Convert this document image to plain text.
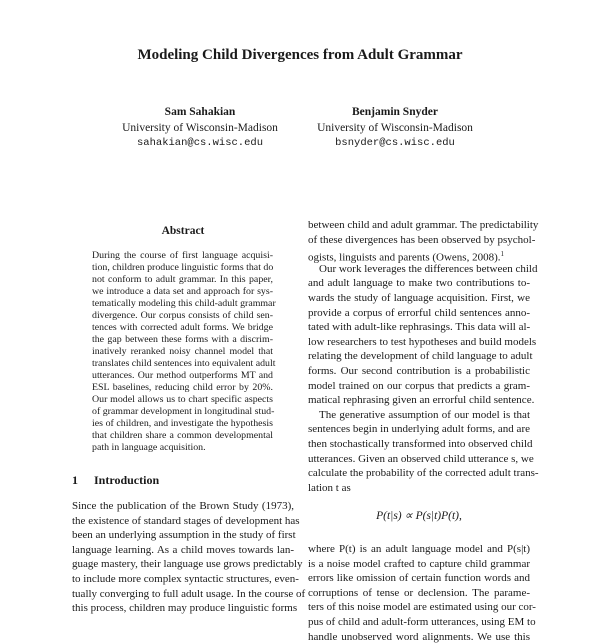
Modeling Child Divergences from Adult Grammar
Sam Sahakian
University of Wisconsin-Madison
sahakian@cs.wisc.edu
Benjamin Snyder
University of Wisconsin-Madison
bsnyder@cs.wisc.edu
Abstract
During the course of first language acquisi-
tion, children produce linguistic forms that do
not conform to adult grammar. In this paper,
we introduce a data set and approach for sys-
tematically modeling this child-adult grammar
divergence. Our corpus consists of child sen-
tences with corrected adult forms. We bridge
the gap between these forms with a discrim-
inatively reranked noisy channel model that
translates child sentences into equivalent adult
utterances. Our method outperforms MT and
ESL baselines, reducing child error by 20%.
Our model allows us to chart specific aspects
of grammar development in longitudinal stud-
ies of children, and investigate the hypothesis
that children share a common developmental
path in language acquisition.
1 Introduction
Since the publication of the Brown Study (1973),
the existence of standard stages of development has
been an underlying assumption in the study of first
language learning. As a child moves towards lan-
guage mastery, their language use grows predictably
to include more complex syntactic structures, even-
tually converging to full adult usage. In the course of
this process, children may produce linguistic forms
between child and adult grammar. The predictability
of these divergences has been observed by psychol-
ogists, linguists and parents (Owens, 2008).$^1$
Our work leverages the differences between child
and adult language to make two contributions to-
wards the study of language acquisition. First, we
provide a corpus of errorful child sentences anno-
tated with adult-like rephrasings. This data will al-
low researchers to test hypotheses and build models
relating the development of child language to adult
forms. Our second contribution is a probabilistic
model trained on our corpus that predicts a gram-
matical rephrasing given an errorful child sentence.
The generative assumption of our model is that
sentences begin in underlying adult forms, and are
then stochastically transformed into observed child
utterances. Given an observed child utterance s, we
calculate the probability of the corrected adult trans-
lation t as
P(t|s) ∝ P(s|t)P(t),
where P(t) is an adult language model and P(s|t)
is a noise model crafted to capture child grammar
errors like omission of certain function words and
corruptions of tense or declension. The parame-
ters of this noise model are estimated using our cor-
pus of child and adult-form utterances, using EM to
handle unobserved word alignments. We use this
